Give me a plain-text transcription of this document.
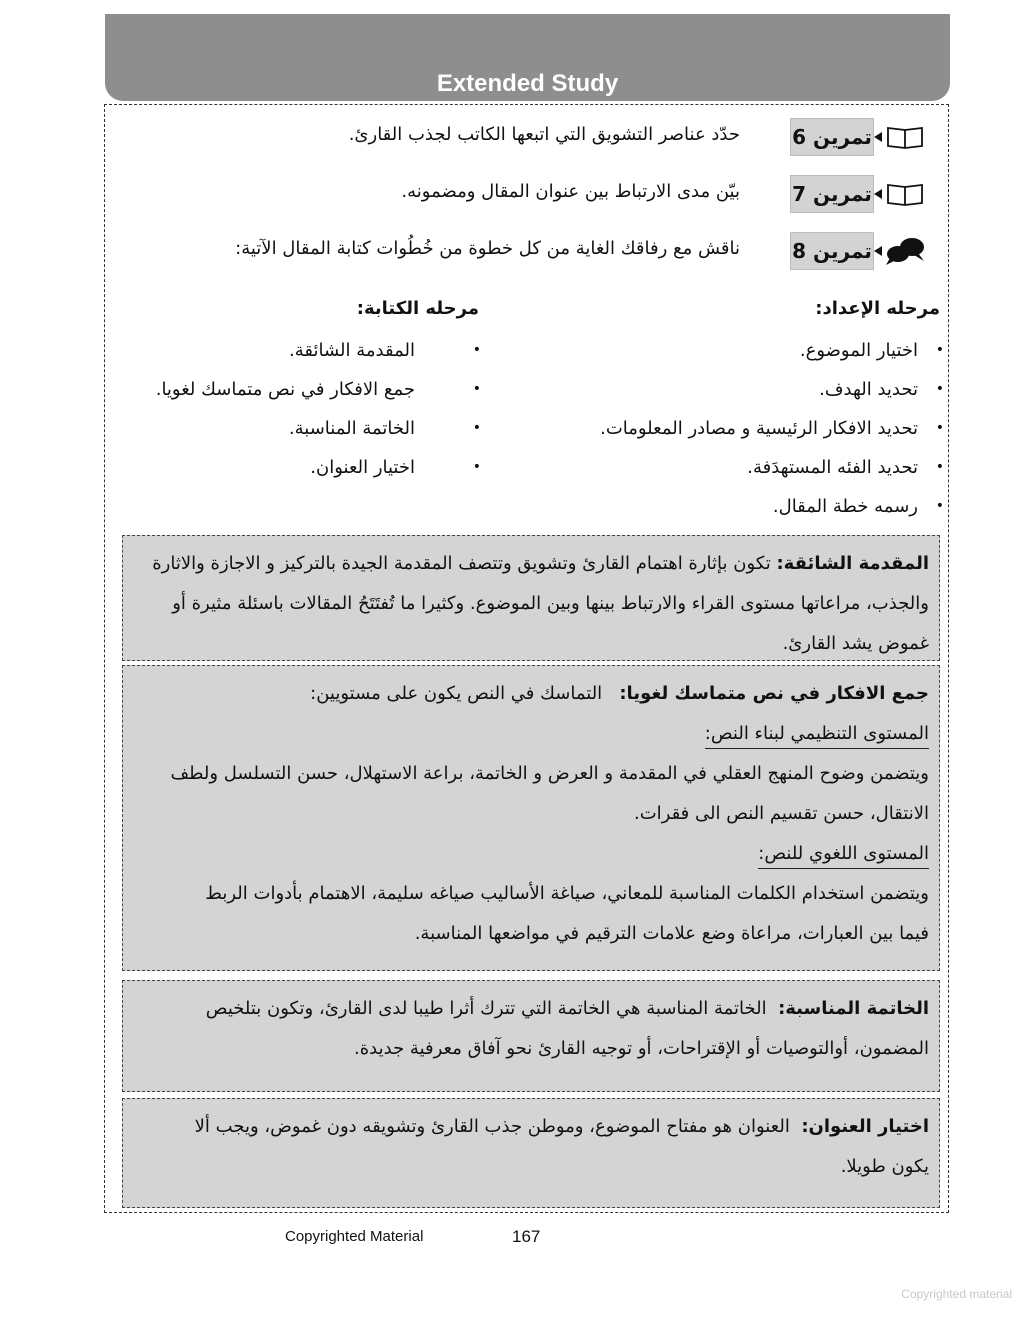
Extended Study
تمرين 6
حدّد عناصر التشويق التي اتبعها الكاتب لجذب القارئ.
تمرين 7
بيّن مدى الارتباط بين عنوان المقال ومضمونه.
تمرين 8
ناقش مع رفاقك الغاية من كل خطوة من خُطُوات كتابة المقال الآتية:
مرحله الإعداد:
مرحله الكتابة:
•
اختيار الموضوع.
•
تحديد الهدف.
•
تحديد الافكار الرئيسية و مصادر المعلومات.
•
تحديد الفئه المستهدَفة.
•
رسمه خطة المقال.
•
المقدمة الشائقة.
•
جمع الافكار في نص متماسك لغويا.
•
الخاتمة المناسبة.
•
اختيار العنوان.
المقدمة الشائقة: تكون بإثارة اهتمام القارئ وتشويق وتتصف المقدمة الجيدة بالتركيز و الاجازة والاثارة
والجذب، مراعاتها مستوى القراء والارتباط بينها وبين الموضوع. وكثيرا ما تُفتَتَحُ المقالات باسئلة مثيرة أو
غموض يشد القارئ.
جمع الافكار في نص متماسك لغويا:   التماسك في النص يكون على مستويين:
المستوى التنظيمي لبناء النص:
ويتضمن وضوح المنهج العقلي في المقدمة و العرض و الخاتمة، براعة الاستهلال، حسن التسلسل ولطف
الانتقال، حسن تقسيم النص الى فقرات.
المستوى اللغوي للنص:
ويتضمن استخدام الكلمات المناسبة للمعاني، صياغة الأساليب صياغه سليمة، الاهتمام بأدوات الربط
فيما بين العبارات، مراعاة وضع علامات الترقيم في مواضعها المناسبة.
الخاتمة المناسبة:  الخاتمة المناسبة هي الخاتمة التي تترك أثرا طيبا لدى القارئ، وتكون بتلخيص
المضمون، أوالتوصيات أو الإقتراحات، أو توجيه القارئ نحو آفاق معرفية جديدة.
اختيار العنوان:  العنوان هو مفتاح الموضوع، وموطن جذب القارئ وتشويقه دون غموض، ويجب ألا
يكون طويلا.
Copyrighted Material	167
Copyrighted material
